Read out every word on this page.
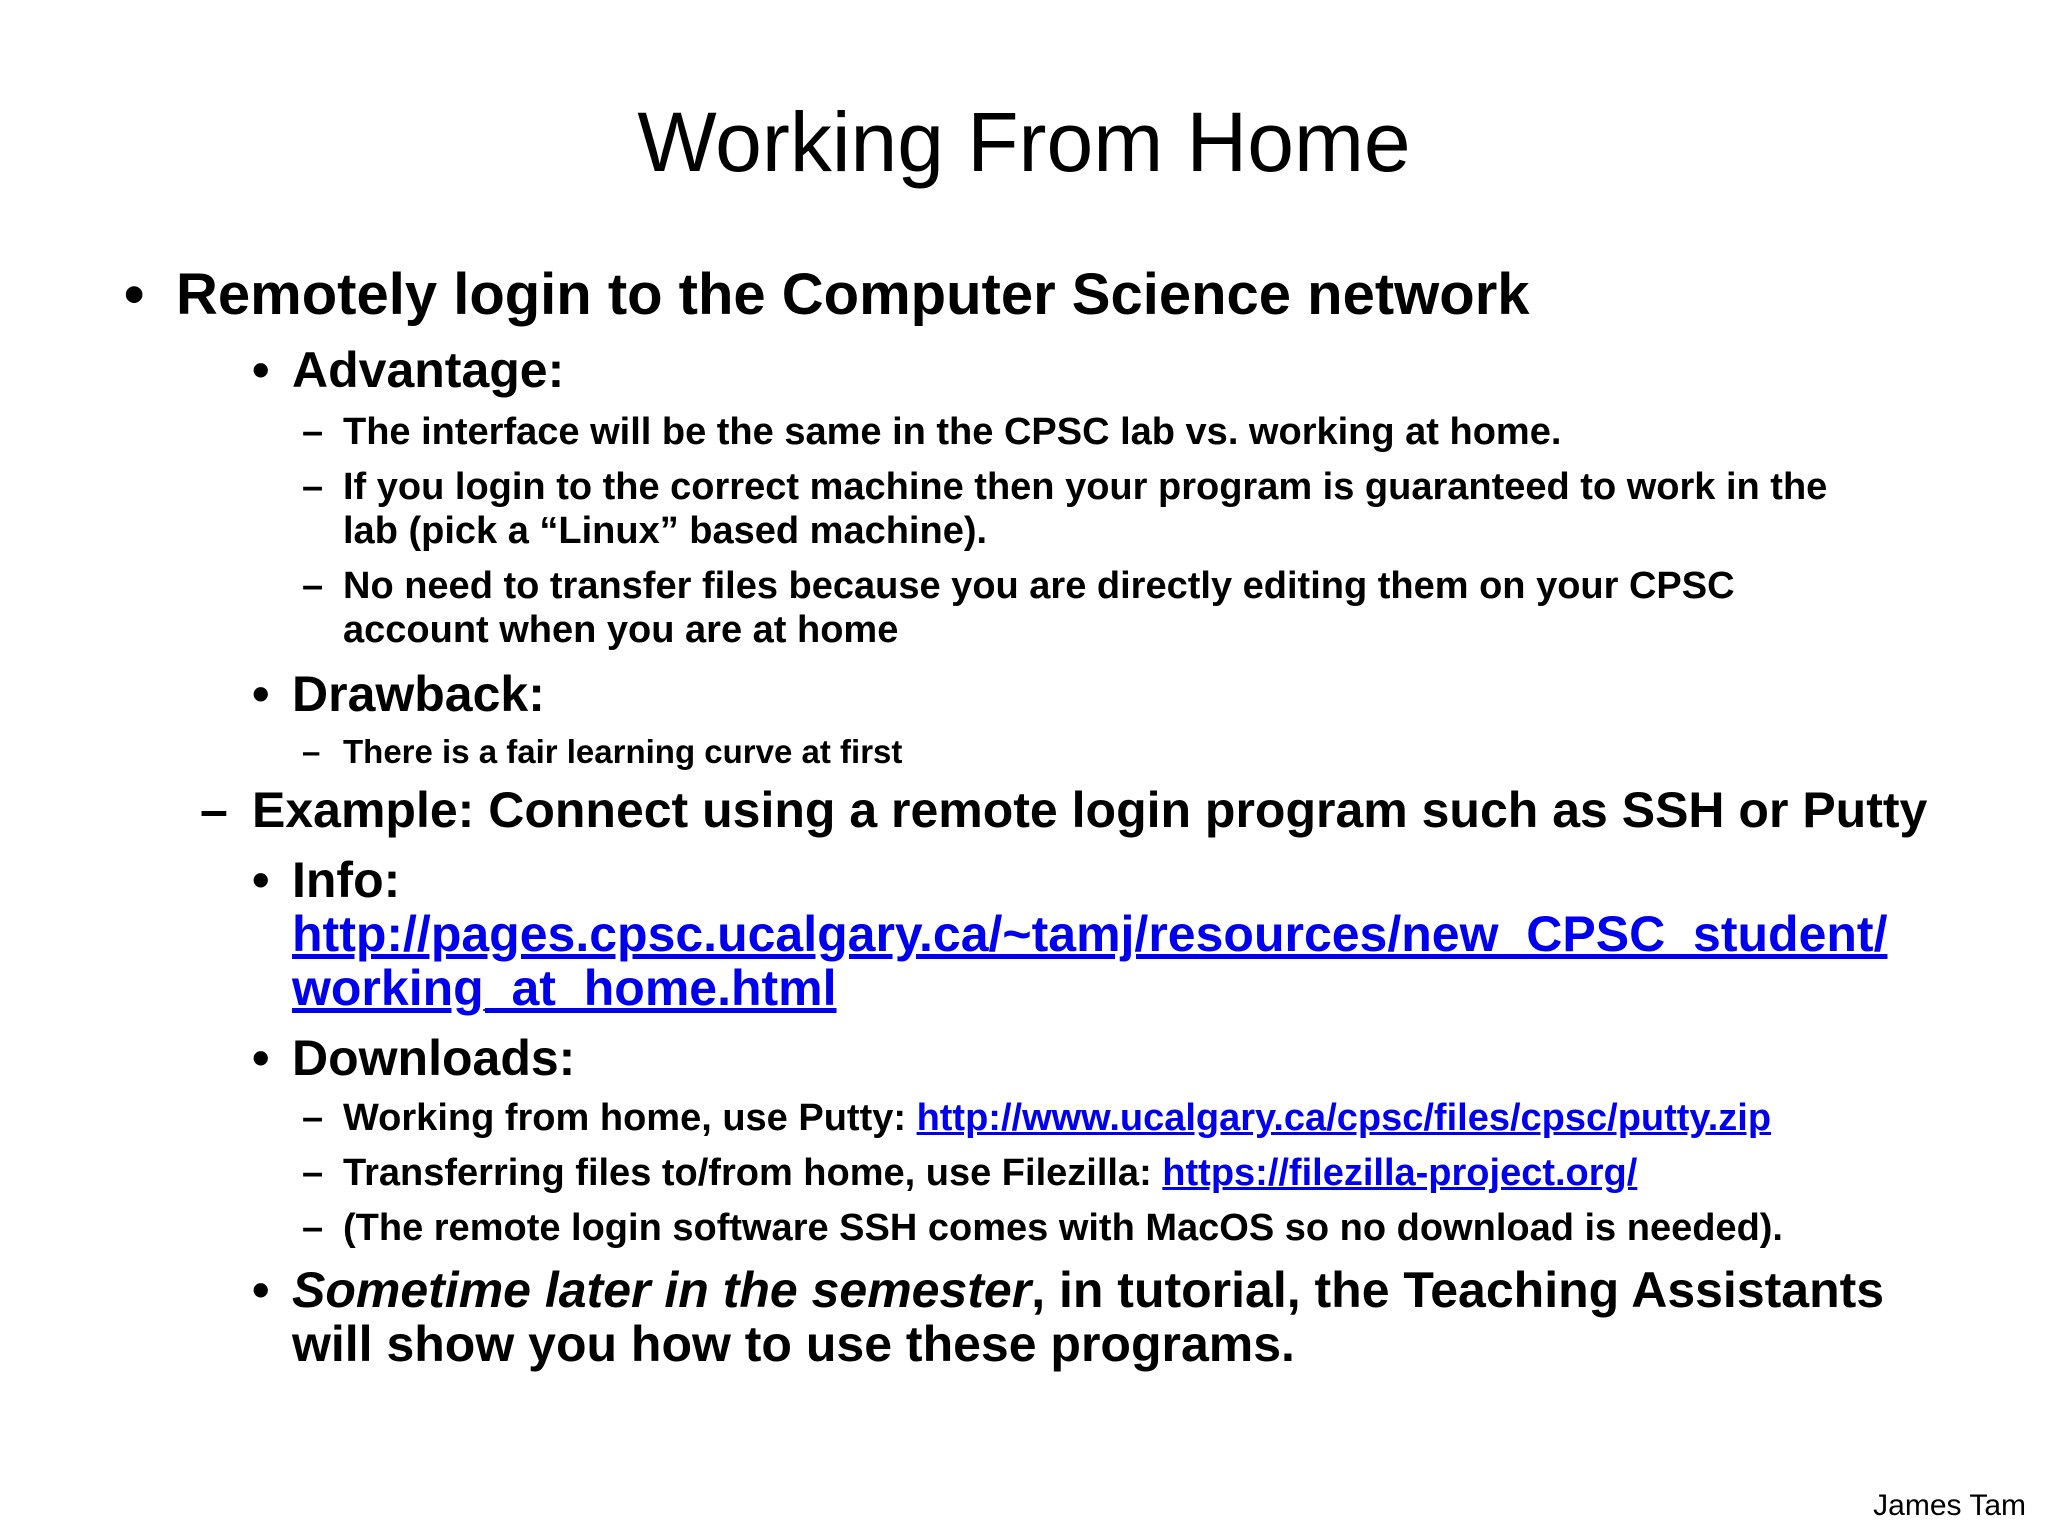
Working From Home
• Remotely login to the Computer Science network
• Advantage:
– The interface will be the same in the CPSC lab vs. working at home.
– If you login to the correct machine then your program is guaranteed to work in the
lab (pick a “Linux” based machine).
– No need to transfer files because you are directly editing them on your CPSC
account when you are at home
• Drawback:
– There is a fair learning curve at first
– Example: Connect using a remote login program such as SSH or Putty
• Info:
http://pages.cpsc.ucalgary.ca/~tamj/resources/new_CPSC_student/
working_at_home.html
• Downloads:
– Working from home, use Putty: http://www.ucalgary.ca/cpsc/files/cpsc/putty.zip
– Transferring files to/from home, use Filezilla: https://filezilla-project.org/
– (The remote login software SSH comes with MacOS so no download is needed).
• Sometime later in the semester, in tutorial, the Teaching Assistants
will show you how to use these programs.
James Tam
